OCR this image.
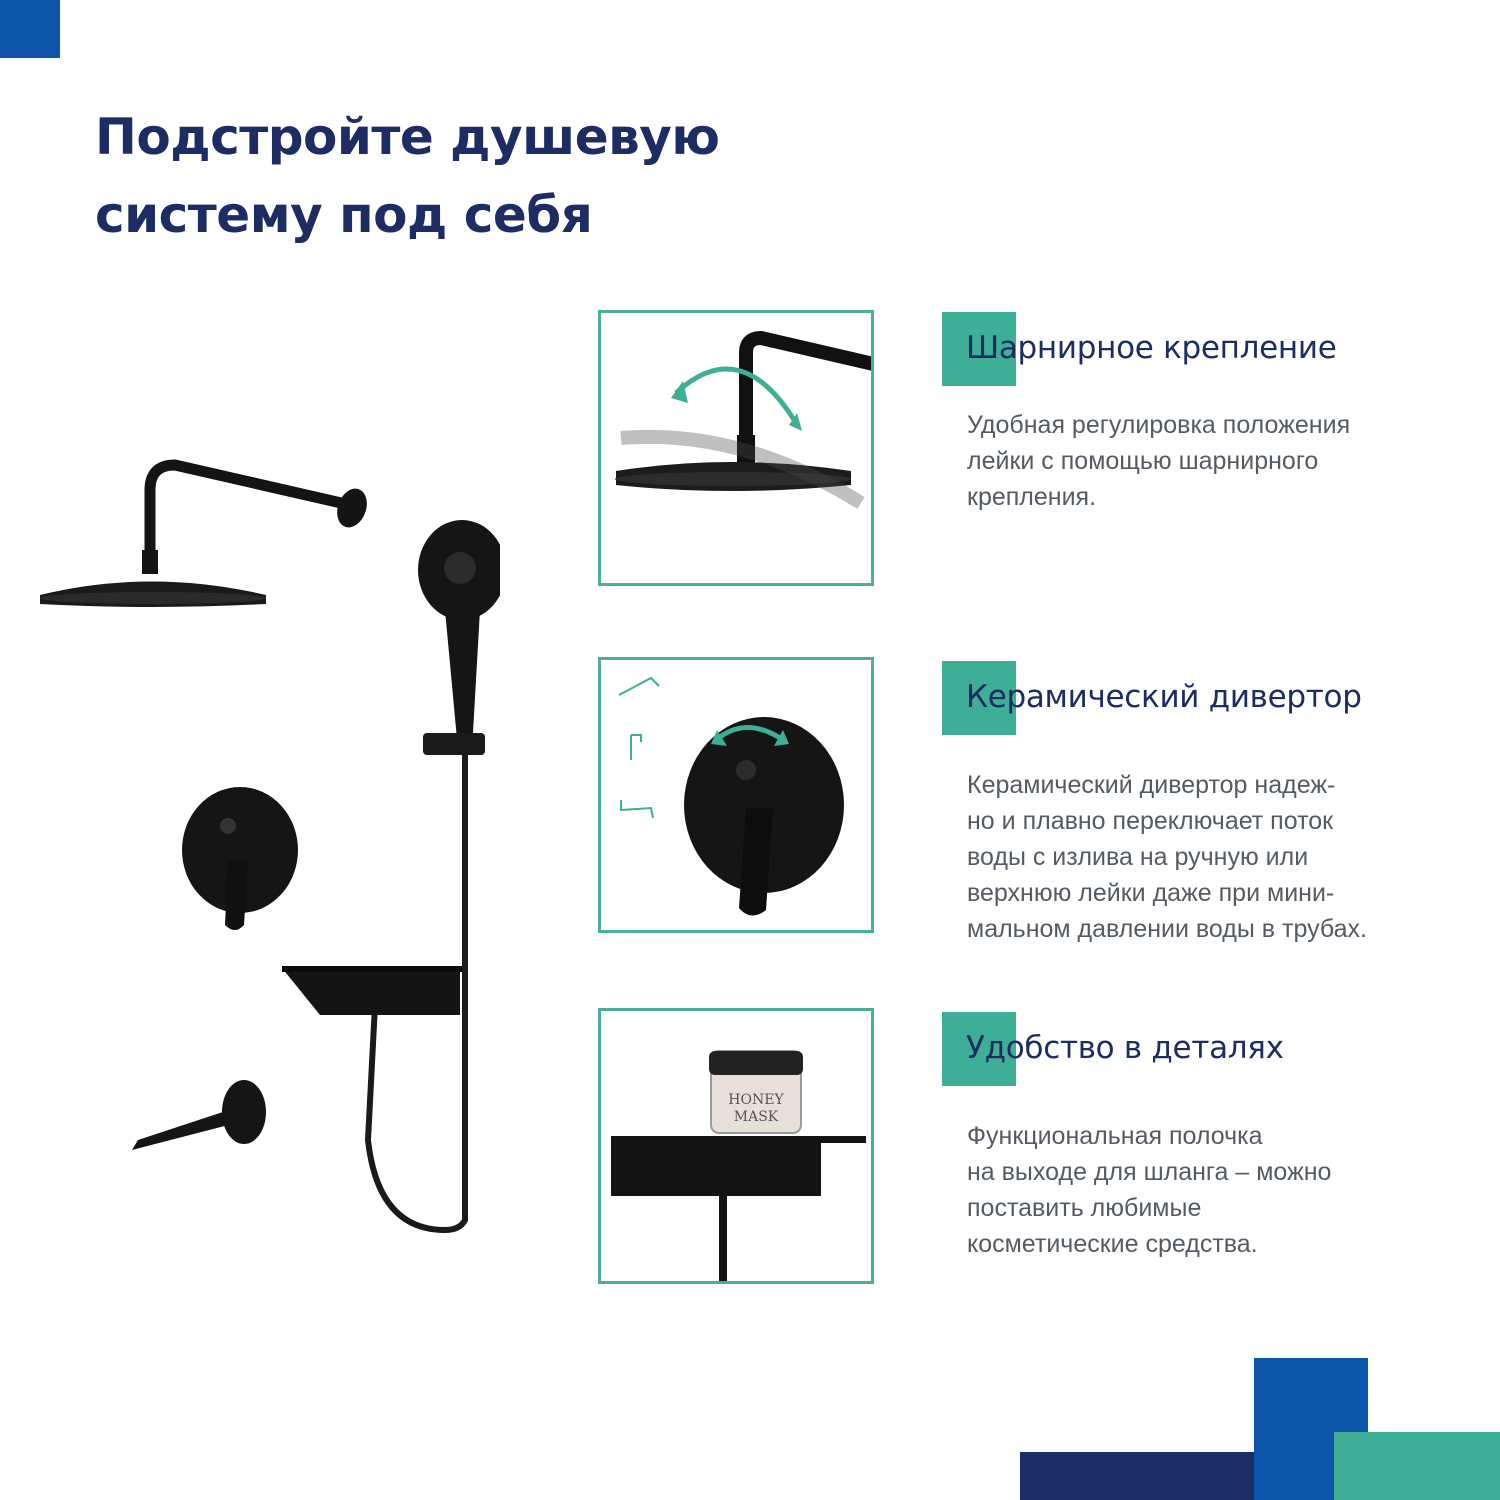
Подстройте душевую
систему под себя
Шарнирное крепление
Удобная регулировка положения
лейки с помощью шарнирного
крепления.
Керамический дивертор
Керамический дивертор надеж-
но и плавно переключает поток
воды с излива на ручную или
верхнюю лейки даже при мини-
мальном давлении воды в трубах.
HONEY
MASK
Удобство в деталях
Функциональная полочка
на выходе для шланга – можно
поставить любимые
косметические средства.
